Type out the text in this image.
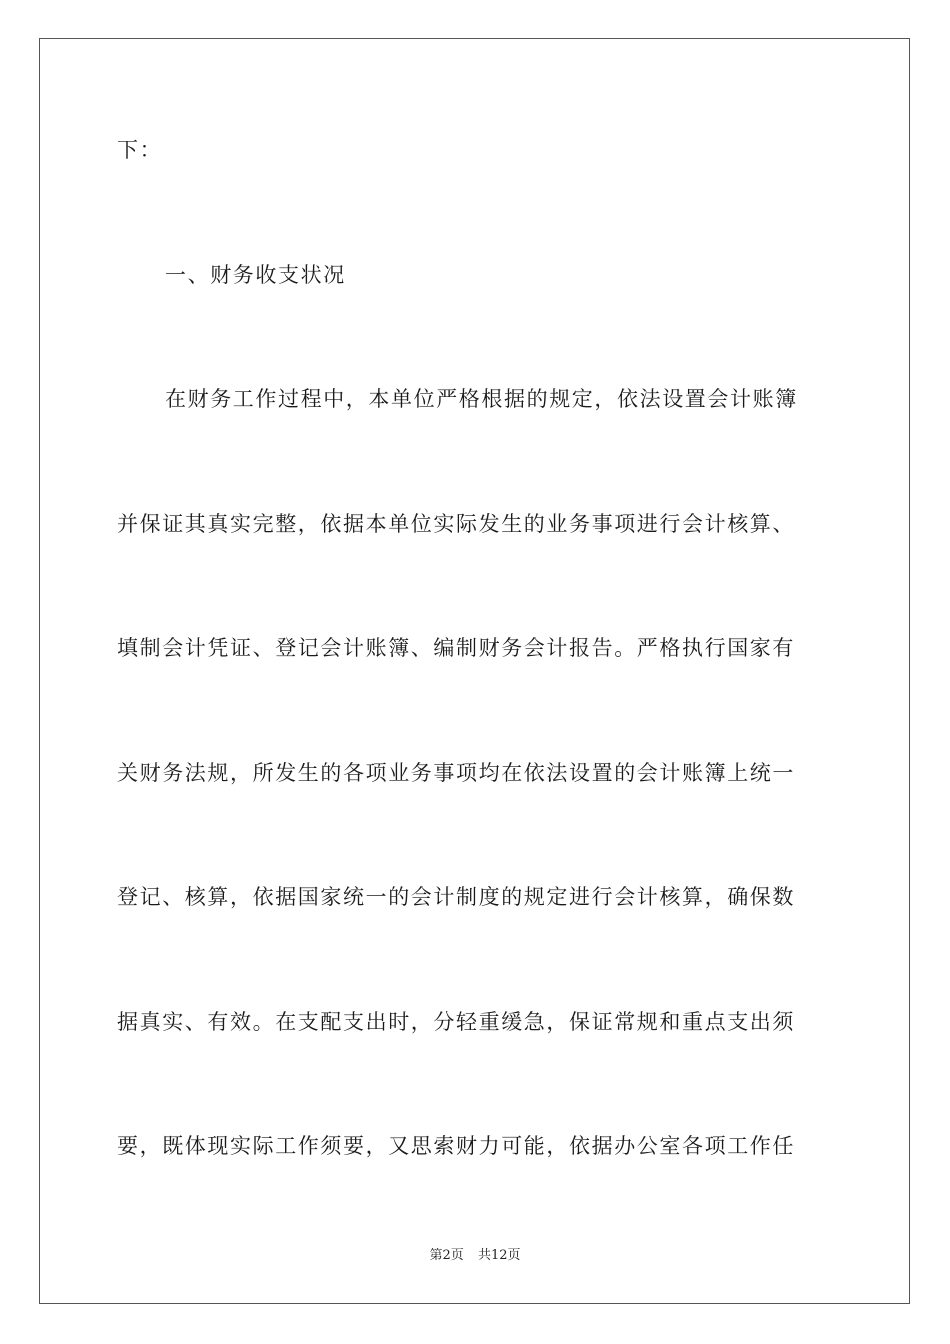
下：
一、财务收支状况
在财务工作过程中，本单位严格根据的规定，依法设置会计账簿
并保证其真实完整，依据本单位实际发生的业务事项进行会计核算、
填制会计凭证、登记会计账簿、编制财务会计报告。严格执行国家有
关财务法规，所发生的各项业务事项均在依法设置的会计账簿上统一
登记、核算，依据国家统一的会计制度的规定进行会计核算，确保数
据真实、有效。在支配支出时，分轻重缓急，保证常规和重点支出须
要，既体现实际工作须要，又思索财力可能，依据办公室各项工作任
第2页 共12页
